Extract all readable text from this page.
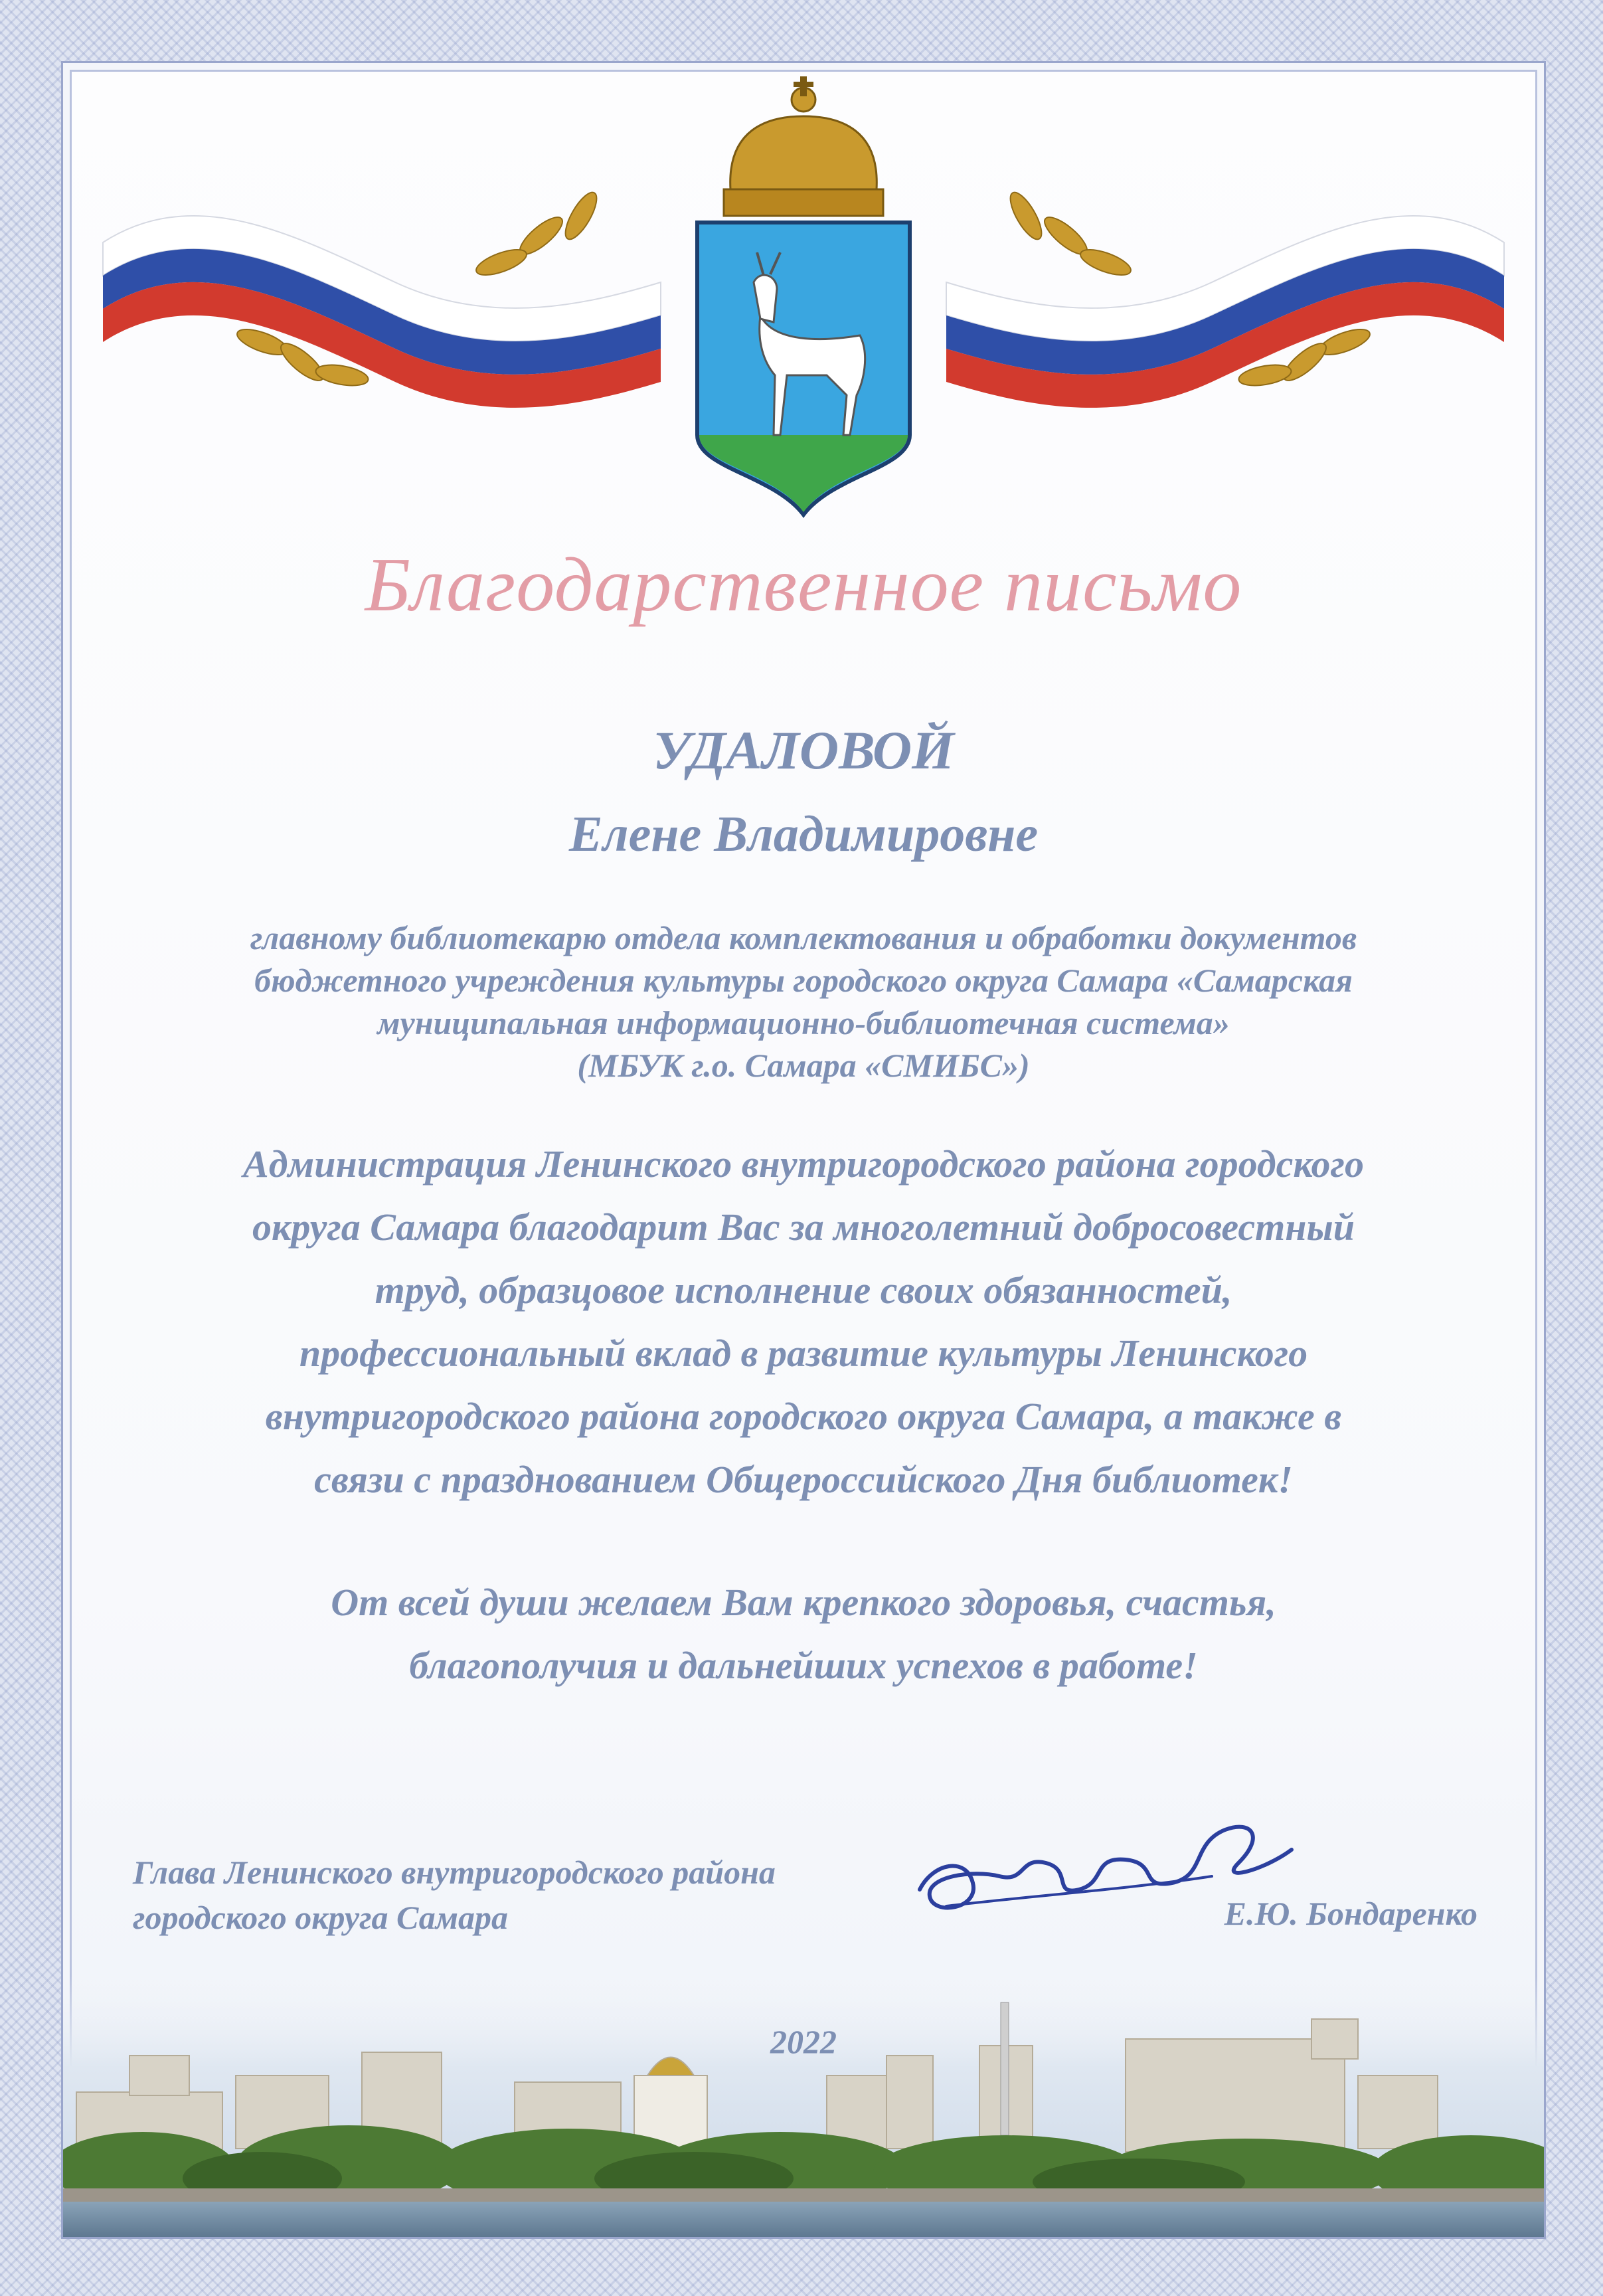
Благодарственное письмо
УДАЛОВОЙ
Елене Владимировне
главному библиотекарю отдела комплектования и обработки документов
бюджетного учреждения культуры городского округа Самара «Самарская
муниципальная информационно-библиотечная система»
(МБУК г.о. Самара «СМИБС»)
Администрация Ленинского внутригородского района городского
округа Самара благодарит Вас за многолетний добросовестный
труд, образцовое исполнение своих обязанностей,
профессиональный вклад в развитие культуры Ленинского
внутригородского района городского округа Самара, а также в
связи с празднованием Общероссийского Дня библиотек!
От всей души желаем Вам крепкого здоровья, счастья,
благополучия и дальнейших успехов в работе!
Глава Ленинского внутригородского района
городского округа Самара	Е.Ю. Бондаренко
2022
